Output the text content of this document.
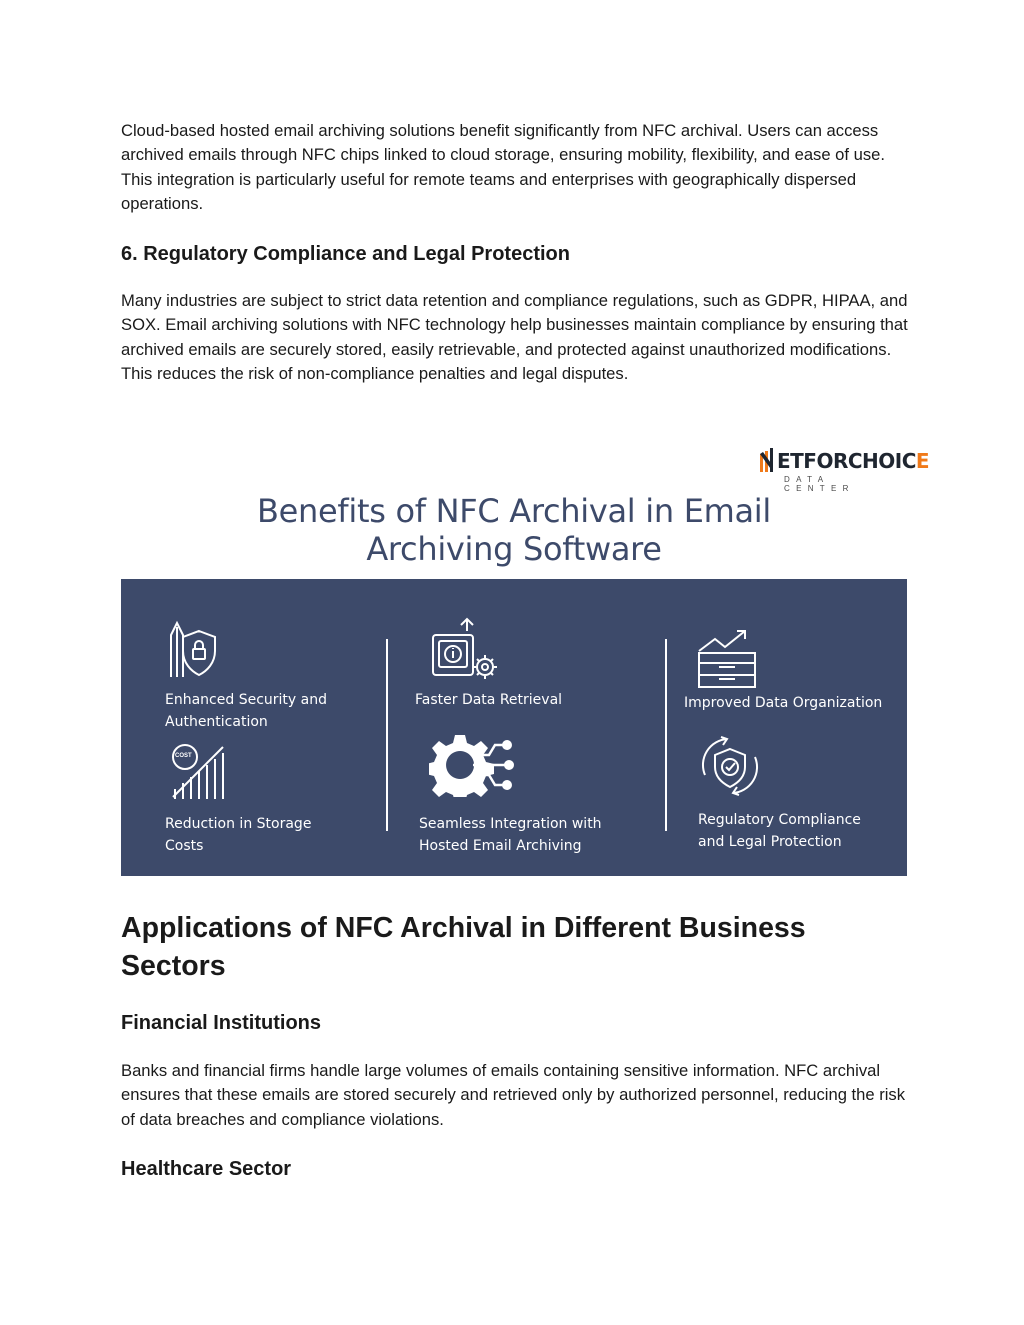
Cloud-based hosted email archiving solutions benefit significantly from NFC archival. Users can access archived emails through NFC chips linked to cloud storage, ensuring mobility, flexibility, and ease of use. This integration is particularly useful for remote teams and enterprises with geographically dispersed operations.

6. Regulatory Compliance and Legal Protection

Many industries are subject to strict data retention and compliance regulations, such as GDPR, HIPAA, and SOX. Email archiving solutions with NFC technology help businesses maintain compliance by ensuring that archived emails are securely stored, easily retrievable, and protected against unauthorized modifications. This reduces the risk of non-compliance penalties and legal disputes.

ETFORCHOICE
DATA CENTER
Benefits of NFC Archival in Email
Archiving Software
Enhanced Security and
Authentication
Faster Data Retrieval	Improved Data Organization
COST
Reduction in Storage
Costs
Seamless Integration with
Hosted Email Archiving
Regulatory Compliance
and Legal Protection
Applications of NFC Archival in Different Business Sectors
Financial Institutions

Banks and financial firms handle large volumes of emails containing sensitive information. NFC archival ensures that these emails are stored securely and retrieved only by authorized personnel, reducing the risk of data breaches and compliance violations.

Healthcare Sector
